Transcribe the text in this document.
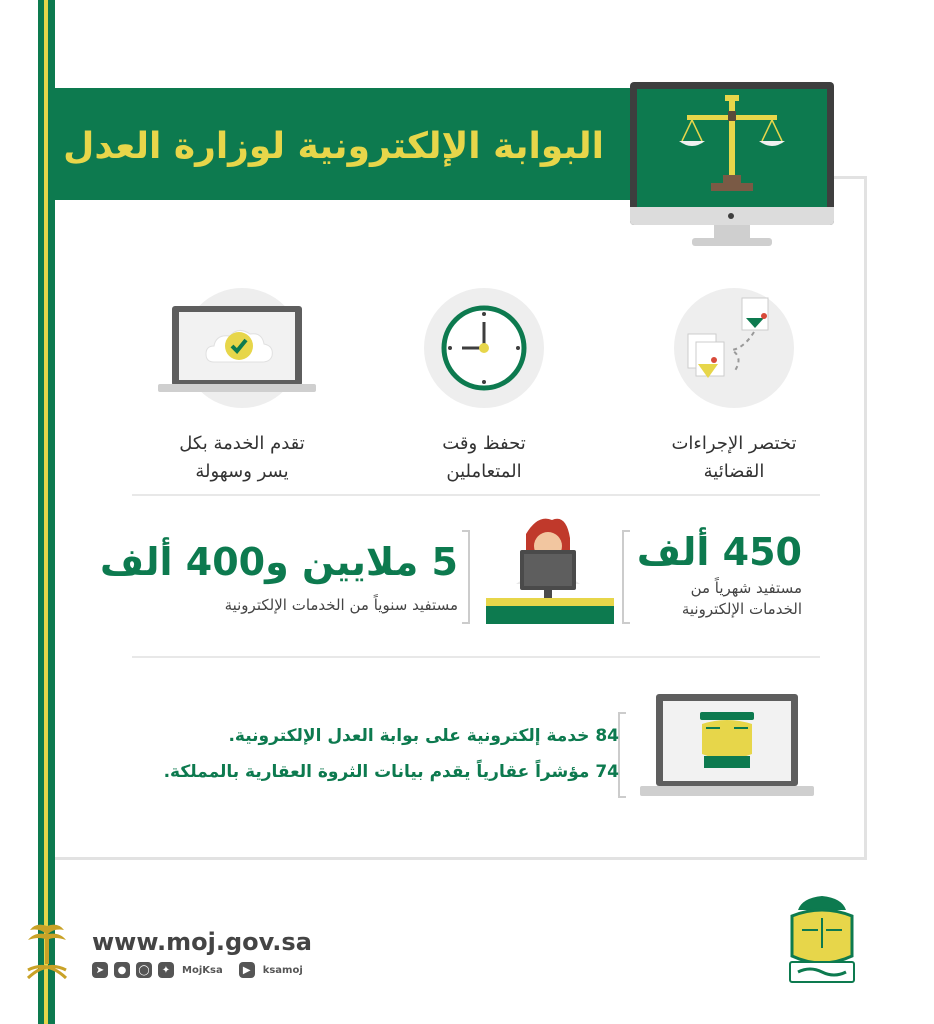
البوابة الإلكترونية لوزارة العدل
تختصر الإجراءات
القضائية
تحفظ وقت
المتعاملين
تقدم الخدمة بكل
يسر وسهولة
450 ألف
مستفيد شهرياً من
الخدمات الإلكترونية
5 ملايين و400 ألف
مستفيد سنوياً من الخدمات الإلكترونية
84 خدمة إلكترونية على بوابة العدل الإلكترونية.
74 مؤشراً عقارياً يقدم بيانات الثروة العقارية بالمملكة.
www.moj.gov.sa
➤	●	◯	✦	MojKsa	▶	ksamoj
